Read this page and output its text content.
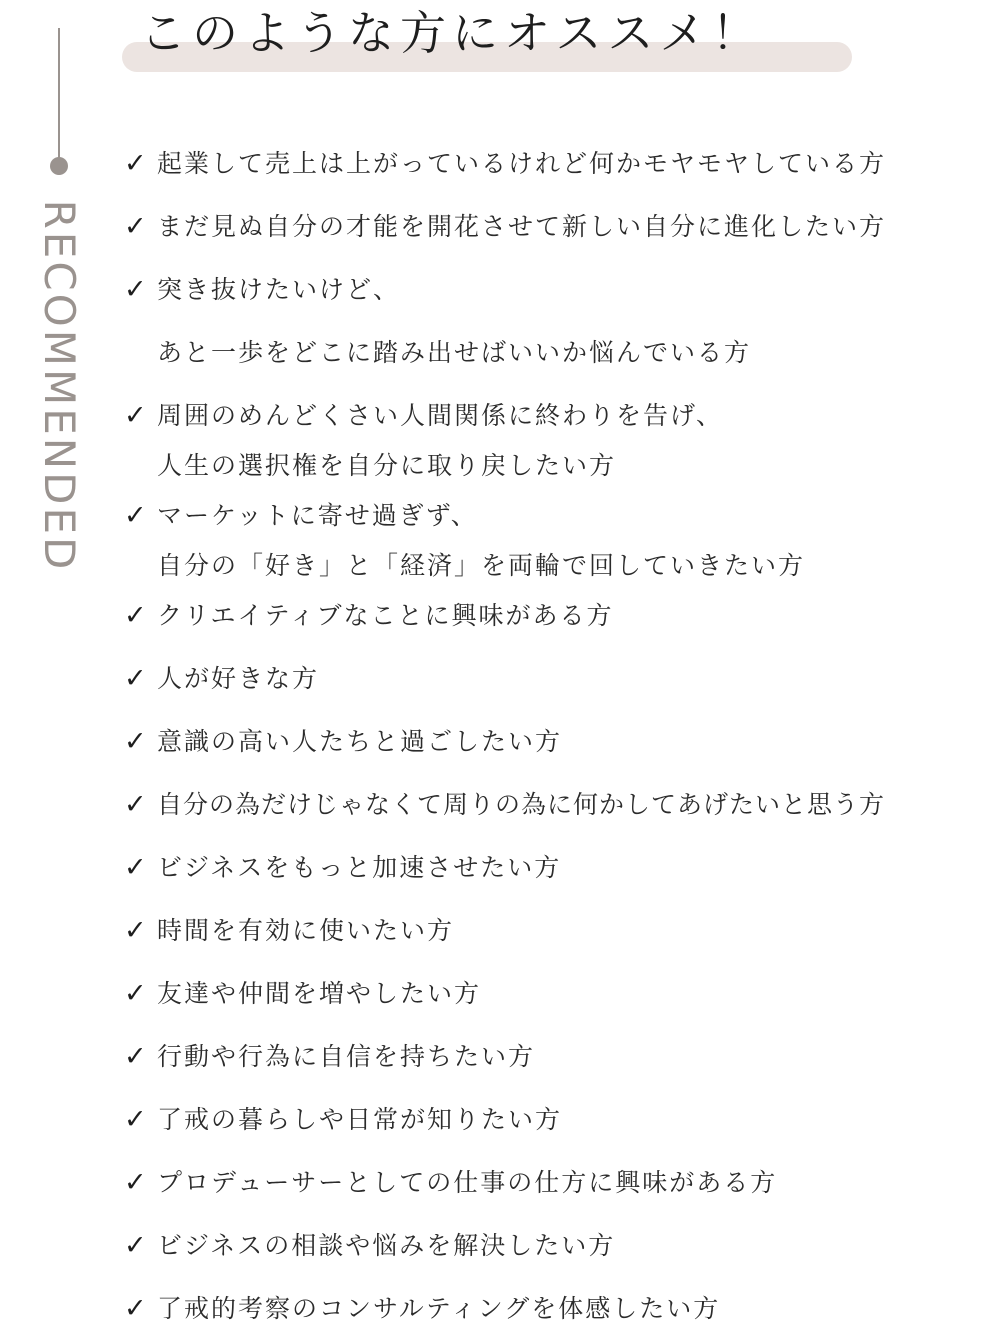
このような方にオススメ！
RECOMMENDED
✓ 起業して売上は上がっているけれど何かモヤモヤしている方
✓ まだ見ぬ自分の才能を開花させて新しい自分に進化したい方
✓ 突き抜けたいけど、
あと一歩をどこに踏み出せばいいか悩んでいる方
✓ 周囲のめんどくさい人間関係に終わりを告げ、
人生の選択権を自分に取り戻したい方
✓ マーケットに寄せ過ぎず、
自分の「好き」と「経済」を両輪で回していきたい方
✓ クリエイティブなことに興味がある方
✓ 人が好きな方
✓ 意識の高い人たちと過ごしたい方
✓ 自分の為だけじゃなくて周りの為に何かしてあげたいと思う方
✓ ビジネスをもっと加速させたい方
✓ 時間を有効に使いたい方
✓ 友達や仲間を増やしたい方
✓ 行動や行為に自信を持ちたい方
✓ 了戒の暮らしや日常が知りたい方
✓ プロデューサーとしての仕事の仕方に興味がある方
✓ ビジネスの相談や悩みを解決したい方
✓ 了戒的考察のコンサルティングを体感したい方
